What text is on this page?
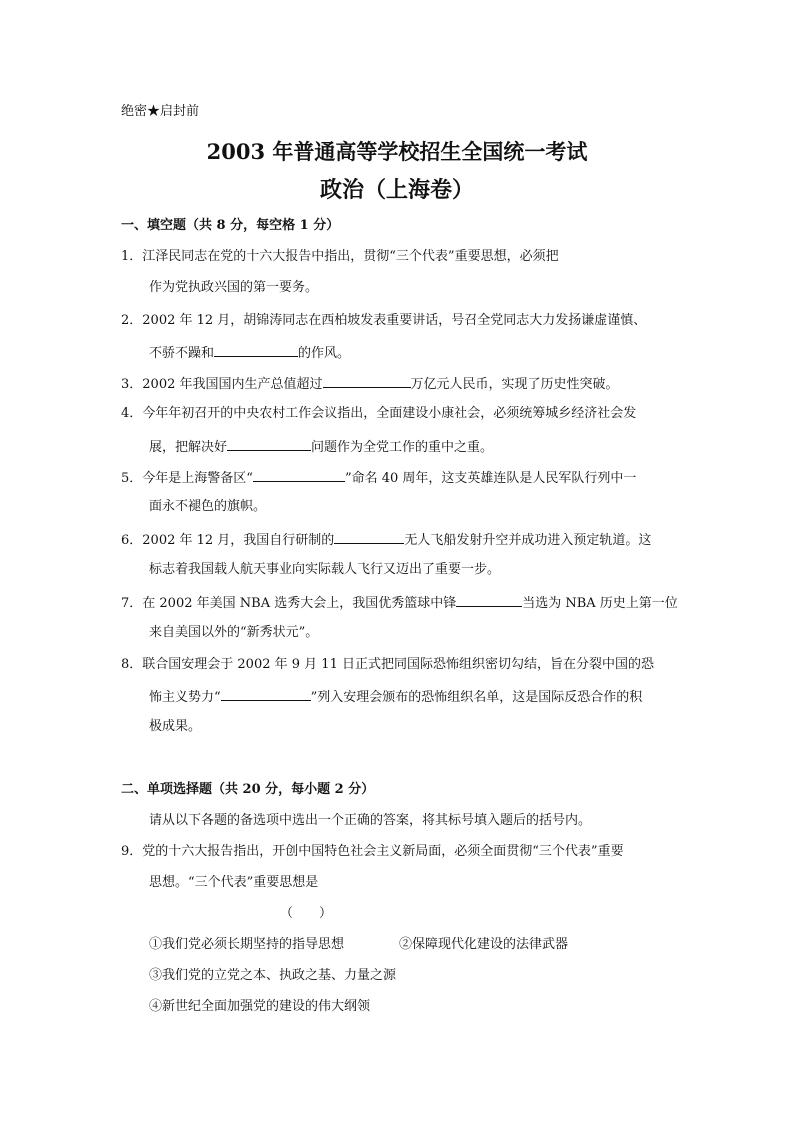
绝密★启封前
2003 年普通高等学校招生全国统一考试
政治（上海卷）
一、填空题（共 8 分，每空格 1 分）
1．江泽民同志在党的十六大报告中指出，贯彻“三个代表”重要思想，必须把
作为党执政兴国的第一要务。
2．2002 年 12 月，胡锦涛同志在西柏坡发表重要讲话，号召全党同志大力发扬谦虚谨慎、
不骄不躁和	的作风。
3．2002 年我国国内生产总值超过	万亿元人民币，实现了历史性突破。
4．今年年初召开的中央农村工作会议指出，全面建设小康社会，必须统筹城乡经济社会发
展，把解决好	问题作为全党工作的重中之重。
5．今年是上海警备区“	”命名 40 周年，这支英雄连队是人民军队行列中一
面永不褪色的旗帜。
6．2002 年 12 月，我国自行研制的	无人飞船发射升空并成功进入预定轨道。这
标志着我国载人航天事业向实际载人飞行又迈出了重要一步。
7．在 2002 年美国 NBA 选秀大会上，我国优秀篮球中锋	当选为 NBA 历史上第一位
来自美国以外的“新秀状元”。
8．联合国安理会于 2002 年 9 月 11 日正式把同国际恐怖组织密切勾结，旨在分裂中国的恐
怖主义势力“	”列入安理会颁布的恐怖组织名单，这是国际反恐合作的积
极成果。
二、单项选择题（共 20 分，每小题 2 分）
请从以下各题的备选项中选出一个正确的答案，将其标号填入题后的括号内。
9．党的十六大报告指出，开创中国特色社会主义新局面，必须全面贯彻“三个代表”重要
思想。“三个代表”重要思想是
（　　）
①我们党必须长期坚持的指导思想	②保障现代化建设的法律武器
③我们党的立党之本、执政之基、力量之源
④新世纪全面加强党的建设的伟大纲领
